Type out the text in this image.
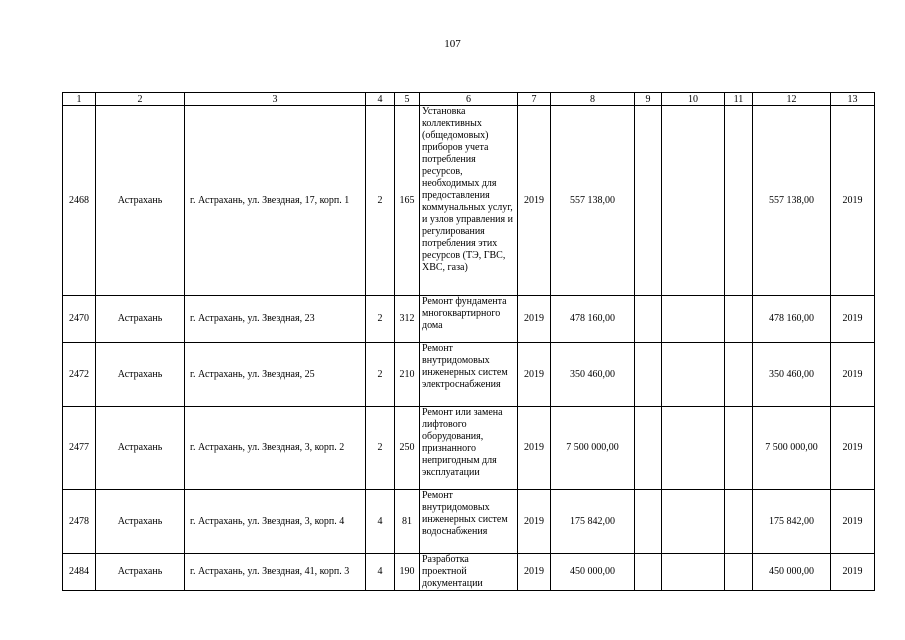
107
1	2	3	4	5	6	7	8	9	10	11	12	13
2468	Астрахань	г. Астрахань, ул. Звездная, 17, корп. 1	2	165	Установка коллективных (общедомовых) приборов учета потребления ресурсов, необходимых для предоставления коммунальных услуг, и узлов управления и регулирования потребления этих ресурсов (ТЭ, ГВС, ХВС, газа)	2019	557 138,00				557 138,00	2019
2470	Астрахань	г. Астрахань, ул. Звездная, 23	2	312	Ремонт фундамента многоквартирного дома	2019	478 160,00				478 160,00	2019
2472	Астрахань	г. Астрахань, ул. Звездная, 25	2	210	Ремонт внутридомовых инженерных систем электроснабжения	2019	350 460,00				350 460,00	2019
2477	Астрахань	г. Астрахань, ул. Звездная, 3, корп. 2	2	250	Ремонт или замена лифтового оборудования, признанного непригодным для эксплуатации	2019	7 500 000,00				7 500 000,00	2019
2478	Астрахань	г. Астрахань, ул. Звездная, 3, корп. 4	4	81	Ремонт внутридомовых инженерных систем водоснабжения	2019	175 842,00				175 842,00	2019
2484	Астрахань	г. Астрахань, ул. Звездная, 41, корп. 3	4	190	Разработка проектной документации	2019	450 000,00				450 000,00	2019
